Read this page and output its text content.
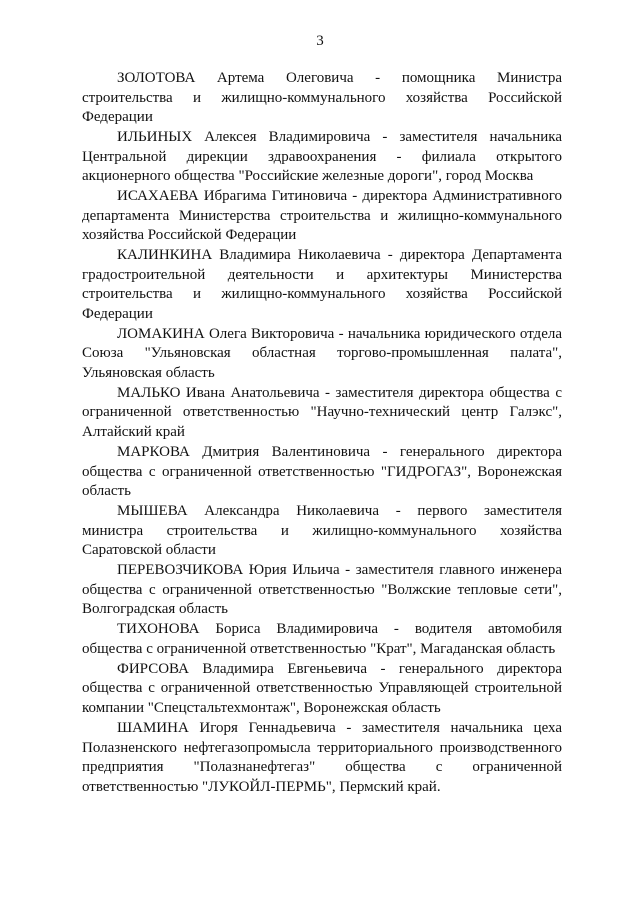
3

ЗОЛОТОВА Артема Олеговича - помощника Министра строительства и жилищно-коммунального хозяйства Российской Федерации

ИЛЬИНЫХ Алексея Владимировича - заместителя начальника Центральной дирекции здравоохранения - филиала открытого акционерного общества "Российские железные дороги", город Москва

ИСАХАЕВА Ибрагима Гитиновича - директора Административного департамента Министерства строительства и жилищно-коммунального хозяйства Российской Федерации

КАЛИНКИНА Владимира Николаевича - директора Департамента градостроительной деятельности и архитектуры Министерства строительства и жилищно-коммунального хозяйства Российской Федерации

ЛОМАКИНА Олега Викторовича - начальника юридического отдела Союза "Ульяновская областная торгово-промышленная палата", Ульяновская область

МАЛЬКО Ивана Анатольевича - заместителя директора общества с ограниченной ответственностью "Научно-технический центр Галэкс", Алтайский край

МАРКОВА Дмитрия Валентиновича - генерального директора общества с ограниченной ответственностью "ГИДРОГАЗ", Воронежская область

МЫШЕВА Александра Николаевича - первого заместителя министра строительства и жилищно-коммунального хозяйства Саратовской области

ПЕРЕВОЗЧИКОВА Юрия Ильича - заместителя главного инженера общества с ограниченной ответственностью "Волжские тепловые сети", Волгоградская область

ТИХОНОВА Бориса Владимировича - водителя автомобиля общества с ограниченной ответственностью "Крат", Магаданская область

ФИРСОВА Владимира Евгеньевича - генерального директора общества с ограниченной ответственностью Управляющей строительной компании "Спецстальтехмонтаж", Воронежская область

ШАМИНА Игоря Геннадьевича - заместителя начальника цеха Полазненского нефтегазопромысла территориального производственного предприятия "Полазнанефтегаз" общества с ограниченной ответственностью "ЛУКОЙЛ-ПЕРМЬ", Пермский край.
